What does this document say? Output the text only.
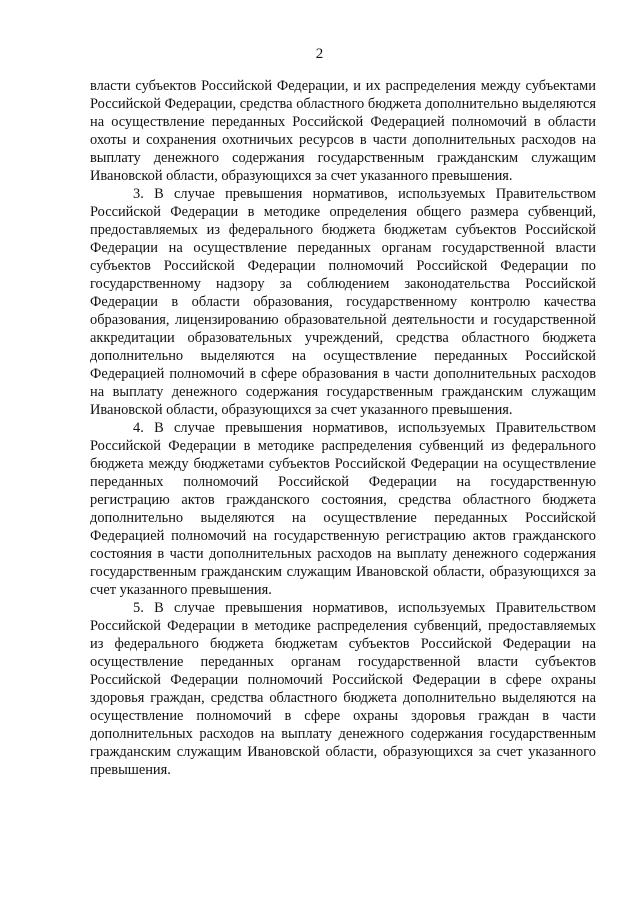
2

власти субъектов Российской Федерации, и их распределения между субъектами Российской Федерации, средства областного бюджета дополнительно выделяются на осуществление переданных Российской Федерацией полномочий в области охоты и сохранения охотничьих ресурсов в части дополнительных расходов на выплату денежного содержания государственным гражданским служащим Ивановской области, образующихся за счет указанного превышения.

3. В случае превышения нормативов, используемых Правительством Российской Федерации в методике определения общего размера субвенций, предоставляемых из федерального бюджета бюджетам субъектов Российской Федерации на осуществление переданных органам государственной власти субъектов Российской Федерации полномочий Российской Федерации по государственному надзору за соблюдением законодательства Российской Федерации в области образования, государственному контролю качества образования, лицензированию образовательной деятельности и государственной аккредитации образовательных учреждений, средства областного бюджета дополнительно выделяются на осуществление переданных Российской Федерацией полномочий в сфере образования в части дополнительных расходов на выплату денежного содержания государственным гражданским служащим Ивановской области, образующихся за счет указанного превышения.

4. В случае превышения нормативов, используемых Правительством Российской Федерации в методике распределения субвенций из федерального бюджета между бюджетами субъектов Российской Федерации на осуществление переданных полномочий Российской Федерации на государственную регистрацию актов гражданского состояния, средства областного бюджета дополнительно выделяются на осуществление переданных Российской Федерацией полномочий на государственную регистрацию актов гражданского состояния в части дополнительных расходов на выплату денежного содержания государственным гражданским служащим Ивановской области, образующихся за счет указанного превышения.

5. В случае превышения нормативов, используемых Правительством Российской Федерации в методике распределения субвенций, предоставляемых из федерального бюджета бюджетам субъектов Российской Федерации на осуществление переданных органам государственной власти субъектов Российской Федерации полномочий Российской Федерации в сфере охраны здоровья граждан, средства областного бюджета дополнительно выделяются на осуществление полномочий в сфере охраны здоровья граждан в части дополнительных расходов на выплату денежного содержания государственным гражданским служащим Ивановской области, образующихся за счет указанного превышения.
